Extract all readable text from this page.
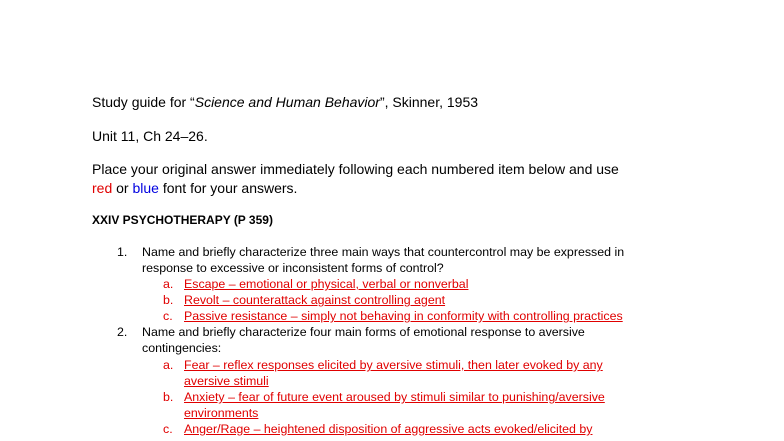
Study guide for “Science and Human Behavior”, Skinner, 1953
Unit 11, Ch 24–26.
Place your original answer immediately following each numbered item below and use
red or blue font for your answers.
XXIV PSYCHOTHERAPY (P 359)
1. Name and briefly characterize three main ways that countercontrol may be expressed in
response to excessive or inconsistent forms of control?
a. Escape – emotional or physical, verbal or nonverbal
b. Revolt – counterattack against controlling agent
c. Passive resistance – simply not behaving in conformity with controlling practices
2. Name and briefly characterize four main forms of emotional response to aversive
contingencies:
a. Fear – reflex responses elicited by aversive stimuli, then later evoked by any
aversive stimuli
b. Anxiety – fear of future event aroused by stimuli similar to punishing/aversive
environments
c. Anger/Rage – heightened disposition of aggressive acts evoked/elicited by
